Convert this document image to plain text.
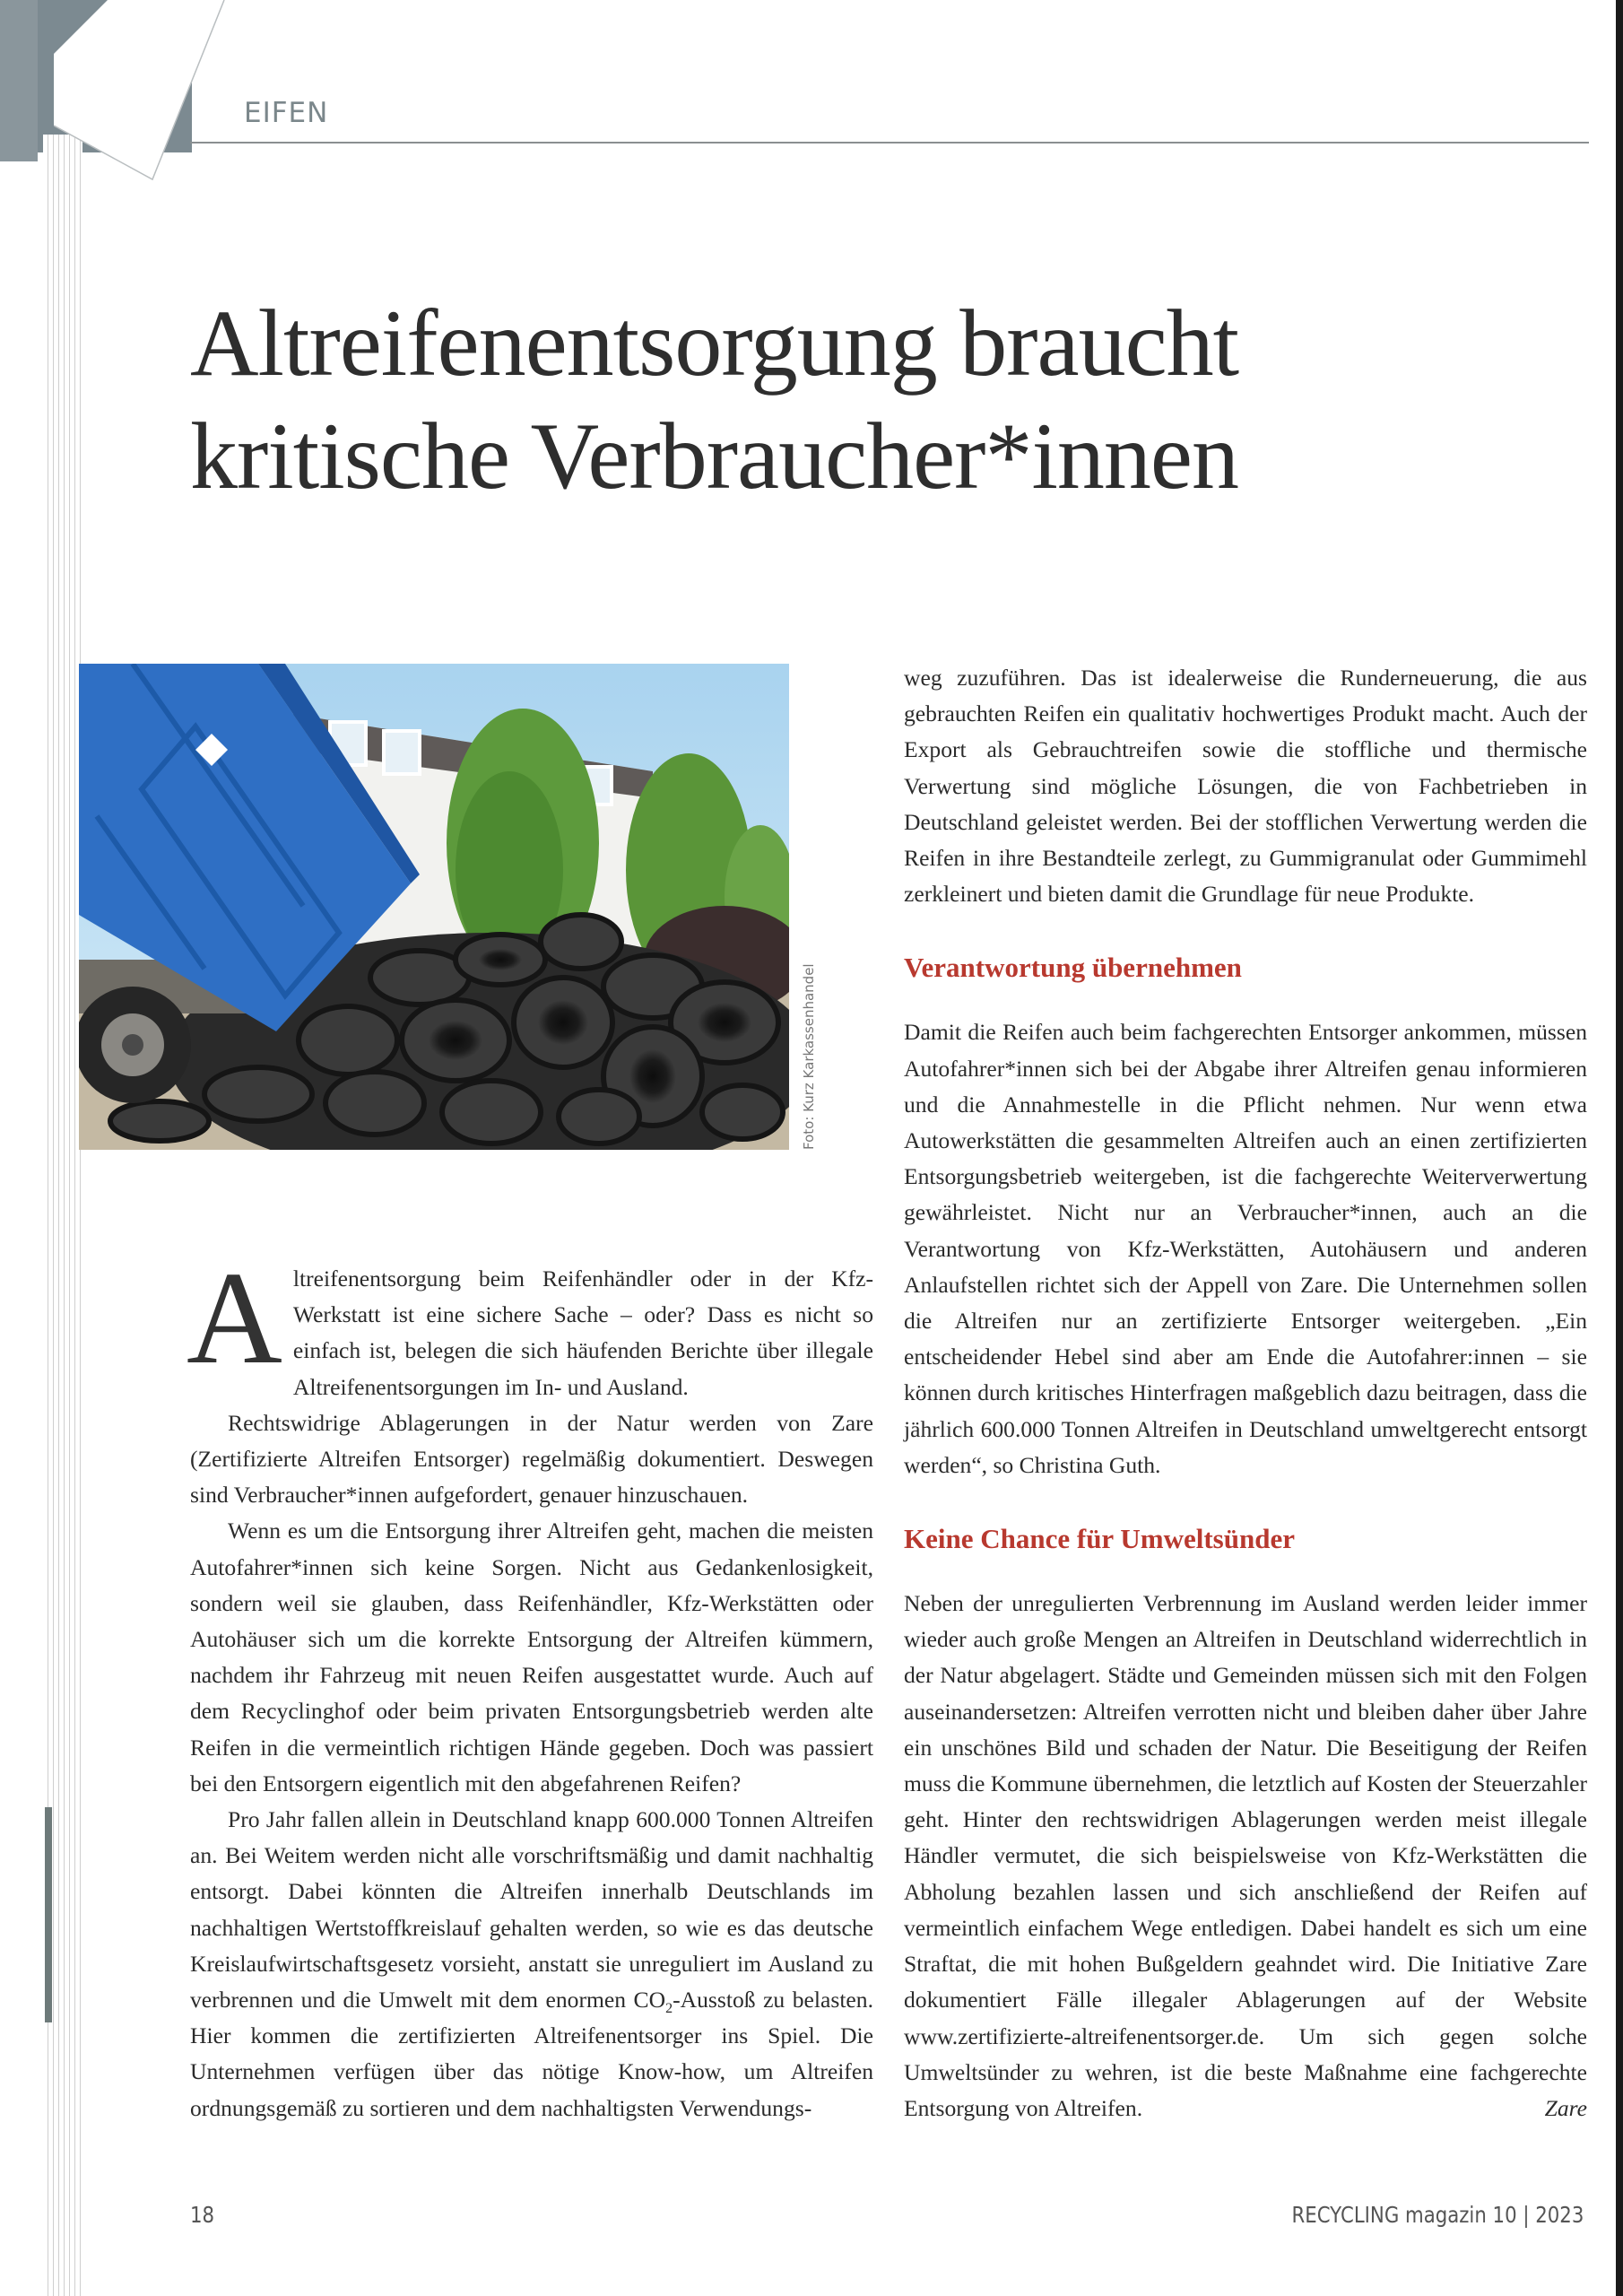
EIFEN
Altreifenentsorgung braucht
kritische Verbraucher*innen
Foto: Kurz Karkassenhandel

Altreifenentsorgung beim Reifenhändler oder in der Kfz-Werkstatt ist eine sichere Sache – oder? Dass es nicht so einfach ist, belegen die sich häufenden Berichte über illegale Altreifenentsorgungen im In- und Ausland.

Rechtswidrige Ablagerungen in der Natur werden von Zare (Zertifizierte Altreifen Entsorger) regelmäßig dokumentiert. Deswegen sind Verbraucher*innen aufgefordert, genauer hinzuschauen.

Wenn es um die Entsorgung ihrer Altreifen geht, machen die meisten Autofahrer*innen sich keine Sorgen. Nicht aus Gedankenlosigkeit, sondern weil sie glauben, dass Reifenhändler, Kfz-Werkstätten oder Autohäuser sich um die korrekte Entsorgung der Altreifen kümmern, nachdem ihr Fahrzeug mit neuen Reifen ausgestattet wurde. Auch auf dem Recyclinghof oder beim privaten Entsorgungsbetrieb werden alte Reifen in die vermeintlich richtigen Hände gegeben. Doch was passiert bei den Entsorgern eigentlich mit den abgefahrenen Reifen?

Pro Jahr fallen allein in Deutschland knapp 600.000 Tonnen Altreifen an. Bei Weitem werden nicht alle vorschriftsmäßig und damit nachhaltig entsorgt. Dabei könnten die Altreifen innerhalb Deutschlands im nachhaltigen Wertstoffkreislauf gehalten werden, so wie es das deutsche Kreislaufwirtschaftsgesetz vorsieht, anstatt sie unreguliert im Ausland zu verbrennen und die Umwelt mit dem enormen $CO_2$-Ausstoß zu belasten. Hier kommen die zertifizierten Altreifenentsorger ins Spiel. Die Unternehmen verfügen über das nötige Know-how, um Altreifen ordnungsgemäß zu sortieren und dem nachhaltigsten Verwendungs-

weg zuzuführen. Das ist idealerweise die Runderneuerung, die aus gebrauchten Reifen ein qualitativ hochwertiges Produkt macht. Auch der Export als Gebrauchtreifen sowie die stoffliche und thermische Verwertung sind mögliche Lösungen, die von Fachbetrieben in Deutschland geleistet werden. Bei der stofflichen Verwertung werden die Reifen in ihre Bestandteile zerlegt, zu Gummigranulat oder Gummimehl zerkleinert und bieten damit die Grundlage für neue Produkte.

Verantwortung übernehmen

Damit die Reifen auch beim fachgerechten Entsorger ankommen, müssen Autofahrer*innen sich bei der Abgabe ihrer Altreifen genau informieren und die Annahmestelle in die Pflicht nehmen. Nur wenn etwa Autowerkstätten die gesammelten Altreifen auch an einen zertifizierten Entsorgungsbetrieb weitergeben, ist die fachgerechte Weiterverwertung gewährleistet. Nicht nur an Verbraucher*innen, auch an die Verantwortung von Kfz-Werkstätten, Autohäusern und anderen Anlaufstellen richtet sich der Appell von Zare. Die Unternehmen sollen die Altreifen nur an zertifizierte Entsorger weitergeben. „Ein entscheidender Hebel sind aber am Ende die Autofahrer:innen – sie können durch kritisches Hinterfragen maßgeblich dazu beitragen, dass die jährlich 600.000 Tonnen Altreifen in Deutschland umweltgerecht entsorgt werden“, so Christina Guth.

Keine Chance für Umweltsünder

Neben der unregulierten Verbrennung im Ausland werden leider immer wieder auch große Mengen an Altreifen in Deutschland widerrechtlich in der Natur abgelagert. Städte und Gemeinden müssen sich mit den Folgen auseinandersetzen: Altreifen verrotten nicht und bleiben daher über Jahre ein unschönes Bild und schaden der Natur. Die Beseitigung der Reifen muss die Kommune übernehmen, die letztlich auf Kosten der Steuerzahler geht. Hinter den rechtswidrigen Ablagerungen werden meist illegale Händler vermutet, die sich beispielsweise von Kfz-Werkstätten die Abholung bezahlen lassen und sich anschließend der Reifen auf vermeintlich einfachem Wege entledigen. Dabei handelt es sich um eine Straftat, die mit hohen Bußgeldern geahndet wird. Die Initiative Zare dokumentiert Fälle illegaler Ablagerungen auf der Website www.zertifizierte-altreifenentsorger.de. Um sich gegen solche Umweltsünder zu wehren, ist die beste Maßnahme eine fachgerechte Entsorgung von Altreifen.	Zare

18	RECYCLING magazin 10 | 2023
